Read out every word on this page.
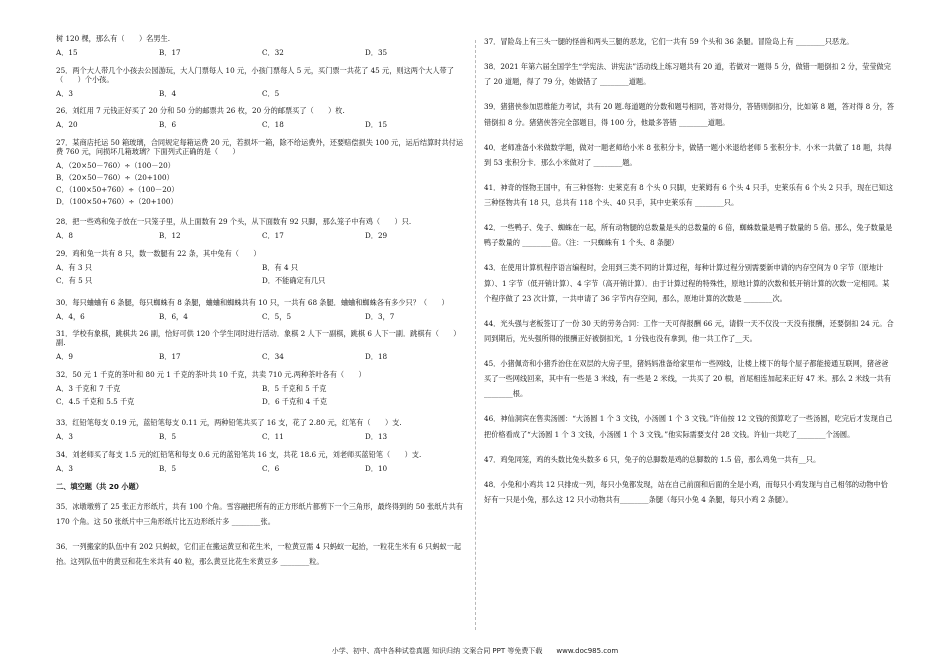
树 120 棵，那么有（　　）名男生.

A．15	B．17	C．32	D．35

25．两个大人带几个小孩去公园游玩，大人门票每人 10 元，小孩门票每人 5 元，买门票一共花了 45 元，则这两个大人带了（　　）个小孩。

A．3	B．4	C．5

26．刘红用 7 元钱正好买了 20 分和 50 分的邮票共 26 枚，20 分的邮票买了（　　）枚.

A．20	B．6	C．18	D．15

27．某商店托运 50 箱玻璃，合同规定每箱运费 20 元，若损坏一箱，除不给运费外，还要赔偿损失 100 元，运后结算时共付运费 760 元，问损坏几箱玻璃？下面列式正确的是（　　）

A．（20×50－760）÷（100－20）
B．（20×50－760）÷（20+100）
C．（100×50+760）÷（100－20）
D．（100×50+760）÷（20+100）

28．把一些鸡和兔子放在一只笼子里，从上面数有 29 个头，从下面数有 92 只脚，那么笼子中有鸡（　　）只.

A．8	B．12	C．17	D．29

29．鸡和兔一共有 8 只，数一数腿有 22 条，其中兔有（　　）

A．有 3 只	B．有 4 只
C．有 5 只	D．不能确定有几只

30．每只蛐蛐有 6 条腿，每只蜘蛛有 8 条腿，蛐蛐和蜘蛛共有 10 只，一共有 68 条腿．蛐蛐和蜘蛛各有多少只？（　　）

A．4，6	B．6，4	C．5，5	D．3，7

31．学校有象棋，跳棋共 26 副，恰好可供 120 个学生同时进行活动．象棋 2 人下一副棋，跳棋 6 人下一副．跳棋有（　　）副.

A．9	B．17	C．34	D．18

32．50 元 1 千克的茶叶和 80 元 1 千克的茶叶共 10 千克，共卖 710 元.两种茶叶各有（　　）

A．3 千克和 7 千克	B．5 千克和 5 千克
C．4.5 千克和 5.5 千克	D．6 千克和 4 千克

33．红铅笔每支 0.19 元，蓝铅笔每支 0.11 元，两种铅笔共买了 16 支，花了 2.80 元，红笔有（　　）支.

A．3	B．5	C．11	D．13

34．刘老师买了每支 1.5 元的红铅笔和每支 0.6 元的蓝铅笔共 16 支，共花 18.6 元，刘老师买蓝铅笔（　　）支.

A．3	B．5	C．6	D．10
二、填空题（共 20 小题）

35．冰墩墩剪了 25 张正方形纸片，共有 100 个角。雪容融把所有的正方形纸片都剪下一个三角形，最终得到的 50 张纸片共有 170 个角。这 50 张纸片中三角形纸片比五边形纸片多 ________张。

36．一列搬家的队伍中有 202 只蚂蚁，它们正在搬运黄豆和花生米，一粒黄豆需 4 只蚂蚁一起抬，一粒花生米有 6 只蚂蚁一起抬。这列队伍中的黄豆和花生米共有 40 粒，那么黄豆比花生米黄豆多 ________粒。

37．冒险岛上有三头一腿的怪兽和两头三腿的恶龙，它们一共有 59 个头和 36 条腿。冒险岛上有 ________只恶龙。

38．2021 年第六届全国学生“学宪法、讲宪法”活动线上练习题共有 20 道，若做对一题得 5 分，做错一题倒扣 2 分，莹莹做完了 20 道题，得了 79 分，她做错了 ________道题。

39．猪猪侠参加思维能力考试，共有 20 题.每道题的分数和题号相同，答对得分，答错则倒扣分，比如第 8 题，答对得 8 分，答错倒扣 8 分。猪猪侠答完全部题目，得 100 分，他最多答错 ________道题。

40．老师准备小米做数学题，做对一题老师给小米 8 张积分卡，做错一题小米退给老师 5 张积分卡．小米一共做了 18 题，共得到 53 张积分卡．那么小米做对了 ________题。

41．神奇的怪物王国中，有三种怪物：史莱克有 8 个头 0 只脚，史莱姆有 6 个头 4 只手，史莱乐有 6 个头 2 只手，现在已知这三种怪物共有 18 只，总共有 118 个头、40 只手，其中史莱乐有 ________只。

42．一些鸭子、兔子、蜘蛛在一起，所有动物腿的总数量是头的总数量的 6 倍，蜘蛛数量是鸭子数量的 5 倍。那么，兔子数量是鸭子数量的 ________倍。（注：一只蜘蛛有 1 个头、8 条腿）

43．在使用计算机程序语言编程时，会用到三类不同的计算过程，每种计算过程分别需要新申请的内存空间为 0 字节（原地计算）、1 字节（低开销计算）、4 字节（高开销计算）．由于计算过程的特殊性，原地计算的次数和低开销计算的次数一定相同。某个程序做了 23 次计算，一共申请了 36 字节内存空间，那么，原地计算的次数是 ________次。

44．光头强与老板签订了一份 30 天的劳务合同：工作一天可得报酬 66 元，请假一天不仅没一天没有报酬，还要倒扣 24 元。合同到期后，光头强所得的报酬正好被倒扣光，1 分钱也没有拿到，他一共工作了__天。

45．小猪佩奇和小猪乔治住在双层的大房子里，猪妈妈准备给家里布一些网线，让楼上楼下的每个屋子都能接通互联网，猪爸爸买了一些网线回来，其中有一些是 3 米线，有一些是 2 米线，一共买了 20 根，首尾相连加起来正好 47 米。那么 2 米线一共有 ________根。

46．神仙洞宾在售卖汤圆：“大汤圆 1 个 3 文钱，小汤圆 1 个 3 文钱。”许仙按 12 文钱的预算吃了一些汤圆，吃完后才发现自己把价格看成了“大汤圆 1 个 3 文钱，小汤圆 1 个 3 文钱。”他实际需要支付 28 文钱。许仙一共吃了________个汤圆。

47．鸡兔同笼，鸡的头数比兔头数多 6 只，兔子的总脚数是鸡的总脚数的 1.5 倍，那么鸡兔一共有__只。

48．小兔和小鸡共 12 只排成一列，每只小兔都发现，站在自己前面和后面的全是小鸡，而每只小鸡发现与自己相邻的动物中恰好有一只是小兔，那么这 12 只小动物共有________条腿（每只小兔 4 条腿，每只小鸡 2 条腿）。

小学、初中、高中各种试卷真题 知识归纳 文案合同 PPT 等免费下载　　www.doc985.com
